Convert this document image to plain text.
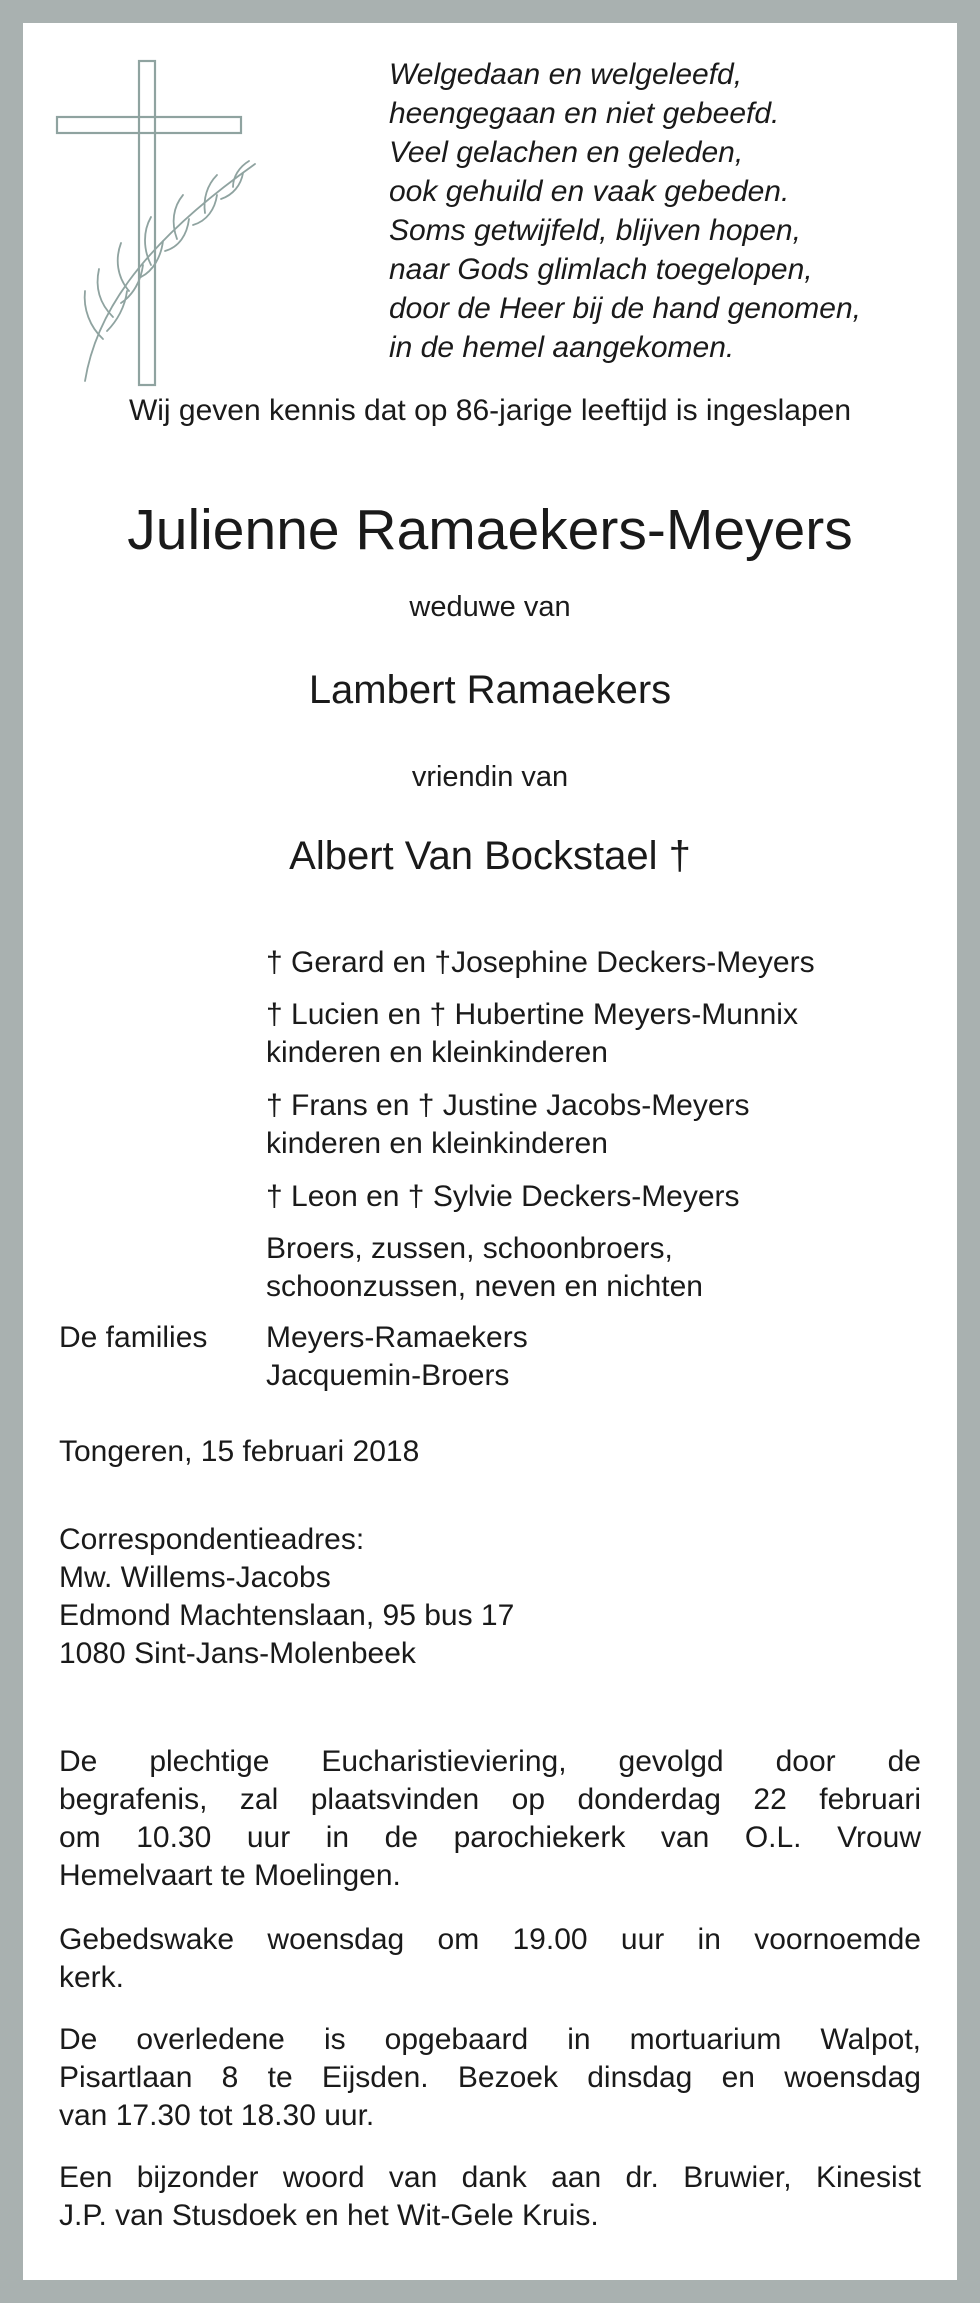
Welgedaan en welgeleefd,
heengegaan en niet gebeefd.
Veel gelachen en geleden,
ook gehuild en vaak gebeden.
Soms getwijfeld, blijven hopen,
naar Gods glimlach toegelopen,
door de Heer bij de hand genomen,
in de hemel aangekomen.
Wij geven kennis dat op 86-jarige leeftijd is ingeslapen
Julienne Ramaekers-Meyers
weduwe van
Lambert Ramaekers
vriendin van
Albert Van Bockstael †
† Gerard en †Josephine Deckers-Meyers
† Lucien en † Hubertine Meyers-Munnix
kinderen en kleinkinderen
† Frans en † Justine Jacobs-Meyers
kinderen en kleinkinderen
† Leon en † Sylvie Deckers-Meyers
Broers, zussen, schoonbroers,
schoonzussen, neven en nichten
De families Meyers-Ramaekers
Jacquemin-Broers
Tongeren, 15 februari 2018
Correspondentieadres:
Mw. Willems-Jacobs
Edmond Machtenslaan, 95 bus 17
1080 Sint-Jans-Molenbeek
De plechtige Eucharistieviering, gevolgd door de
begrafenis, zal plaatsvinden op donderdag 22 februari
om 10.30 uur in de parochiekerk van O.L. Vrouw
Hemelvaart te Moelingen.
Gebedswake woensdag om 19.00 uur in voornoemde
kerk.
De overledene is opgebaard in mortuarium Walpot,
Pisartlaan 8 te Eijsden. Bezoek dinsdag en woensdag
van 17.30 tot 18.30 uur.
Een bijzonder woord van dank aan dr. Bruwier, Kinesist
J.P. van Stusdoek en het Wit-Gele Kruis.
